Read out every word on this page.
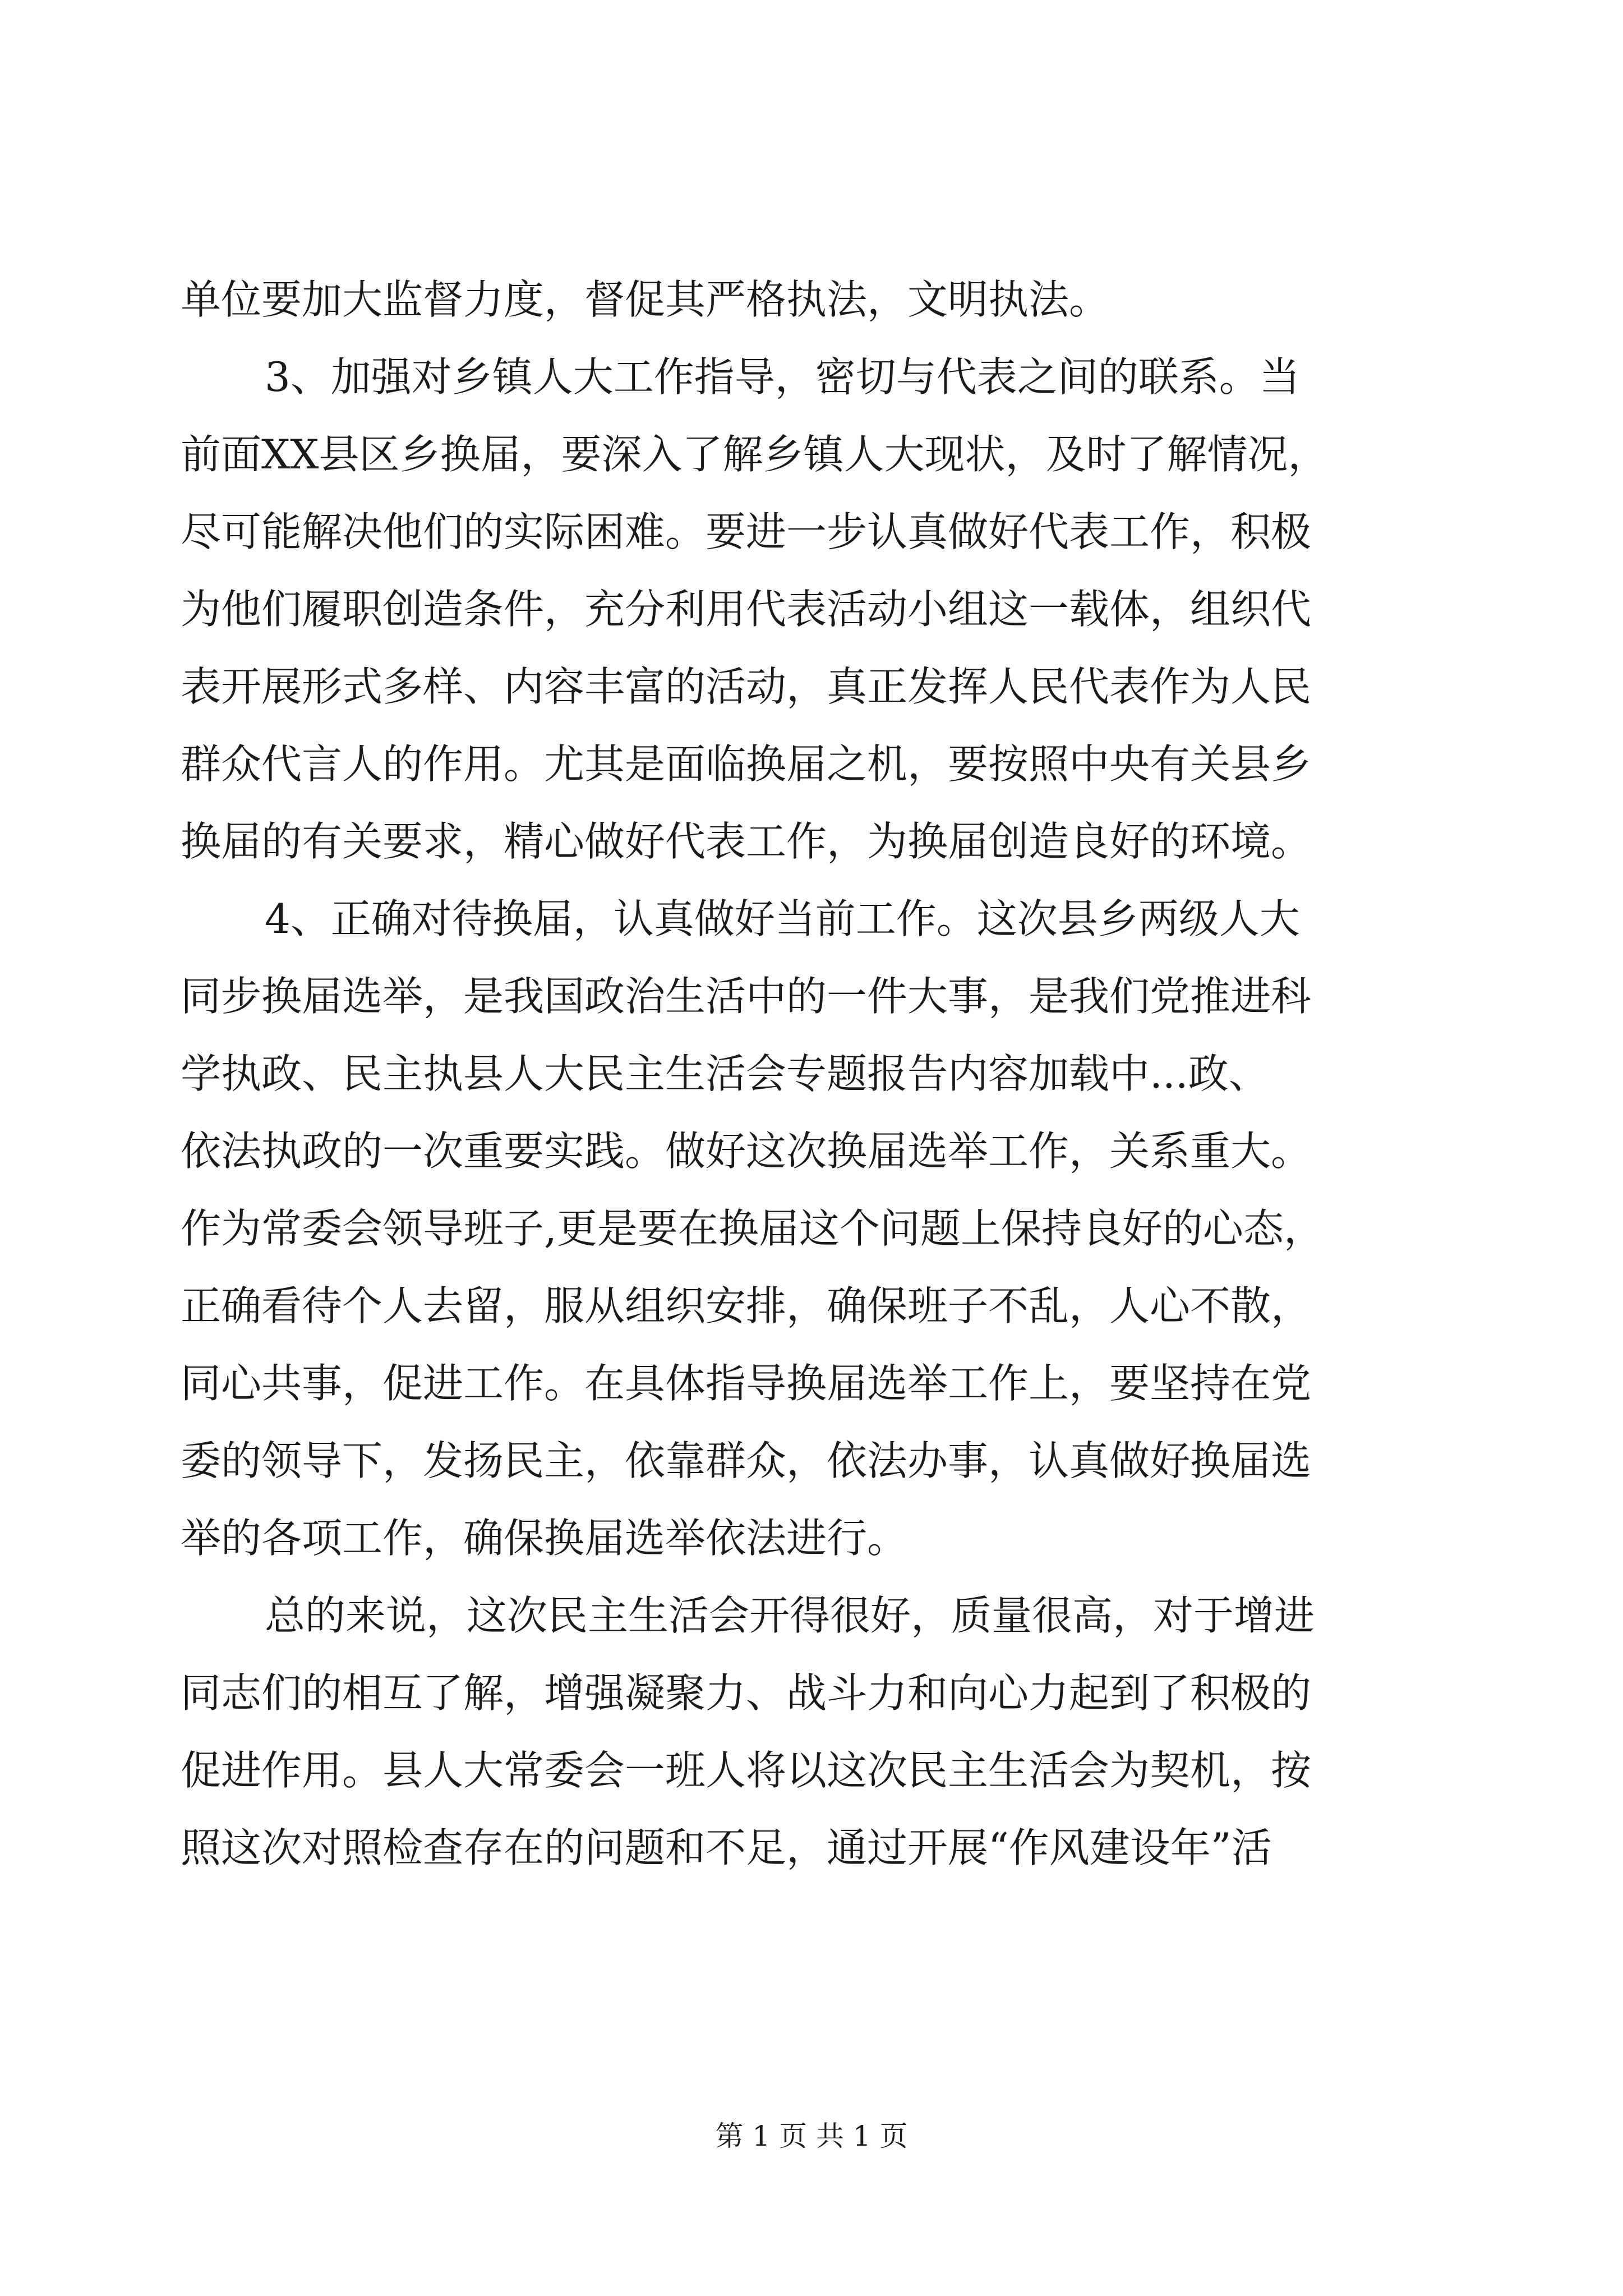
单位要加大监督力度，督促其严格执法，文明执法。
3、加强对乡镇人大工作指导，密切与代表之间的联系。当
前面XX县区乡换届，要深入了解乡镇人大现状，及时了解情况，
尽可能解决他们的实际困难。要进一步认真做好代表工作，积极
为他们履职创造条件，充分利用代表活动小组这一载体，组织代
表开展形式多样、内容丰富的活动，真正发挥人民代表作为人民
群众代言人的作用。尤其是面临换届之机，要按照中央有关县乡
换届的有关要求，精心做好代表工作，为换届创造良好的环境。
4、正确对待换届，认真做好当前工作。这次县乡两级人大
同步换届选举，是我国政治生活中的一件大事，是我们党推进科
学执政、民主执县人大民主生活会专题报告内容加载中...政、
依法执政的一次重要实践。做好这次换届选举工作，关系重大。
作为常委会领导班子,更是要在换届这个问题上保持良好的心态，
正确看待个人去留，服从组织安排，确保班子不乱，人心不散，
同心共事，促进工作。在具体指导换届选举工作上，要坚持在党
委的领导下，发扬民主，依靠群众，依法办事，认真做好换届选
举的各项工作，确保换届选举依法进行。
总的来说，这次民主生活会开得很好，质量很高，对于增进
同志们的相互了解，增强凝聚力、战斗力和向心力起到了积极的
促进作用。县人大常委会一班人将以这次民主生活会为契机，按
照这次对照检查存在的问题和不足，通过开展“作风建设年”活
第 1 页 共 1 页
